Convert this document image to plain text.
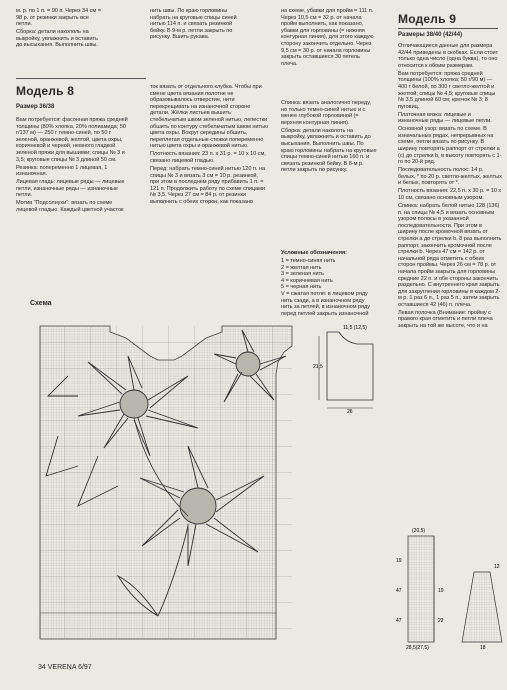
м. р. по 1 п. = 90 п. Через 34 см = 98 р. от резинки закрыть все петли.

Сборка: детали накололь на выкройку, увлажнить и оставить до высыхания. Выполнить швы.

нить швы. По краю горловины набрать на круговые спицы синей нитью 114 п. и связать резинкой бейку. В 9-м р. петли закрыть по рисунку. Вшить рукава.

на схеме, убавки для пройм = 111 п. Через 10,5 см = 32 р. от начала пройм выполнить, как показано, убавки для горловины (= нижняя контурная линия), для этого каждую сторону закончить отдельно. Через 9,5 см = 30 р. от начала горловины закрыть оставшиеся 30 петель плеча.

Модель 8
Размер 36/38

Вам потребуется: фасонная пряжа средней толщины (80% хлопка, 20% полиамида; 50 г/137 м) — 250 г темно-синей, по 50 г зеленой, оранжевой, желтой, цвета охры, коричневой и черной, немного гладкой зеленой пряжи для вышивки; спицы № 3 и 3,5; круговые спицы № 3 длиной 50 см.

Резинка: попеременно 1 лицевая, 1 изнаночная.

Лицевая гладь: лицевые ряды — лицевые петли, изнаночные ряды — изнаночные петли.

Мотив "Подсолнухи": вязать по схеме лицевой гладью. Каждый цветной участок

ток вязать от отдельного клубка. Чтобы при смене цвета вязания полотне не образовывалось отверстие, нити перекрещивать на изнаночной стороне детали. Жёлки листьев вышить стебельчатым швом зеленой нитью, лепестки обшить по контуру стебельчатым швом нитью цвета охры. Вокруг середины обшить, переплетая отдельные стежки попеременно нитью цвета охры и оранжевой нитью.

Плотность вязания: 23 п. х 31 р. = 10 х 10 см, связано лицевой гладью.

Перед: набрать темно-синей нитью 120 п. на спицы № 3 и вязать 3 см = 10 р. резинкой, при этом в последнем ряду прибавить 1 п. = 121 п. Продолжить работу по схеме спицами № 3,5. Через 27 см = 84 р. от резинки выполнить с обеих сторон, как показано

Спинка: вязать аналогично переду, но только темно-синей нитью и с менее глубокой горловиной (= верхняя контурная линия).

Сборка: детали наколоть на выкройку, увлажнить и оставить до высыхания. Выполнить швы. По краю горловины набрать на круговые спицы темно-синей нитью 160 п. и связать резинкой бейку. В 8-м р. петли закрыть по рисунку.

Условные обозначения:

1 = темно-синяя нить

2 = желтая нить

3 = зеленая нить

4 = коричневая нить

5 = черная нить

V = сжатая петля: в лицевом ряду нить сзади, а в изнаночном ряду нить за петлей, в изнаночном ряду перед петлей закрыть изнаночной

Модель 9
Размеры 38/40 (42/44)

Отличающиеся данные для размера 42/44 приведены в скобках. Если стоит только одна число (одна буква), то оно относится к обоим размерам.

Вам потребуется: пряжа средней толщины (100% хлопка; 50 г/90 м) — 400 г белой, по 300 г светло-желтой и желтой; спицы № 4,5; круговые спицы № 3,5 длиной 60 см; крючок № 3; 8 пуговиц.

Платочная вязка: лицевые и изнаночные ряды — лицевые петли.

Основной узор: вязать по схеме. В изначальных рядах, непрерывных на схеме, петли вязать по рисунку. В ширину повторять раппорт от стрелки а (с) до стрелки b, в высоту повторять с 1-го по 20-й ряд.

Последовательность полос: 14 р. белых, * по 20 р. светло-желтых, желтых и белых, повторять от *.

Плотность вязания: 22,5 п. х 30 р. = 10 х 10 см, связано основным узором.

Спинка: набрать белой нитью 128 (136) п. на спицы № 4,5 и вязать основным узором полосы в указанной последовательности. При этом в ширину после кромочной вязать от стрелки а до стрелки b, 8 раз выполнить раппорт, закончить кромочной после стрелки b. Через 47 см = 142 р. от начальной ряда отметить с обеих сторон проймы. Через 26 см = 78 р. от начала пройм закрыть для горловины средние 22 п. и обе стороны закончить раздельно. С внутреннего края закрыть для закругления горловины в каждом 2-м р. 1 раз 6 п., 1 раз 5 п., затем закрыть оставшиеся 42 (46) п. плеча.

Левая полочка (Внимание: пройму с правого края отметить и петли плеча закрыть на той же высоте, что и на

Схема
11,5 (12,5)
21,5
26
(20,5)
19
47
47
28,5(27,5)
19
22
18
12
34 VERENA 6/97
